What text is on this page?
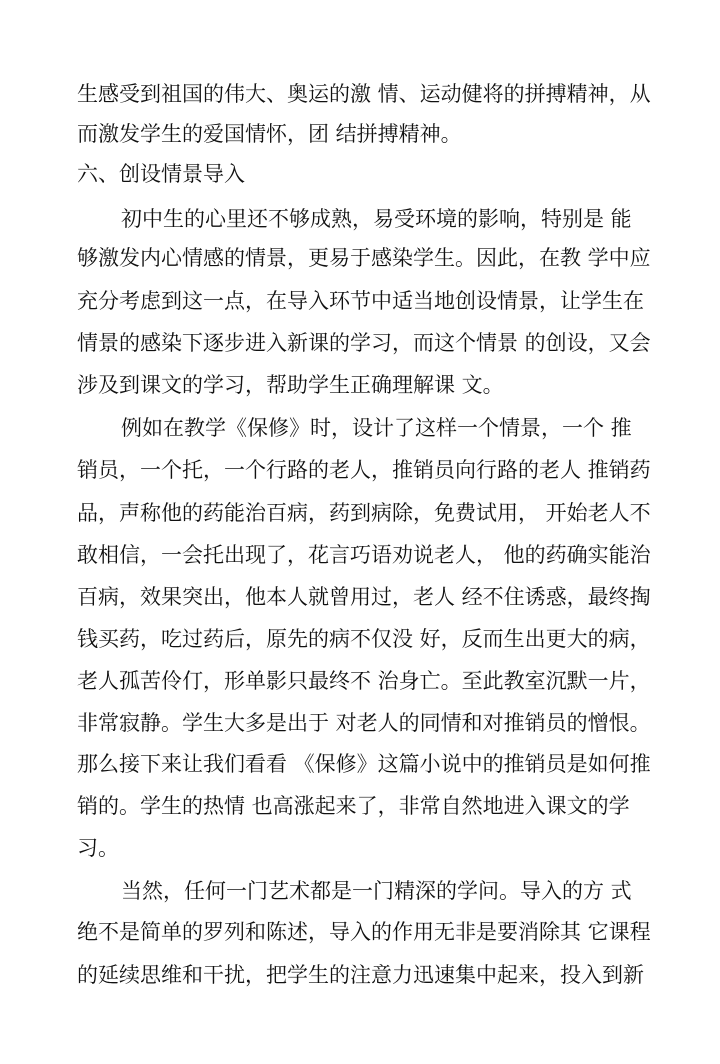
生感受到祖国的伟大、奥运的激 情、运动健将的拼搏精神，从
而激发学生的爱国情怀，团 结拼搏精神。
六、创设情景导入
初中生的心里还不够成熟，易受环境的影响，特别是 能
够激发内心情感的情景，更易于感染学生。因此，在教 学中应
充分考虑到这一点，在导入环节中适当地创设情景，让学生在
情景的感染下逐步进入新课的学习，而这个情景 的创设，又会
涉及到课文的学习，帮助学生正确理解课 文。
例如在教学《保修》时，设计了这样一个情景，一个 推
销员，一个托，一个行路的老人，推销员向行路的老人 推销药
品，声称他的药能治百病，药到病除，免费试用， 开始老人不
敢相信，一会托出现了，花言巧语劝说老人， 他的药确实能治
百病，效果突出，他本人就曾用过，老人 经不住诱惑，最终掏
钱买药，吃过药后，原先的病不仅没 好，反而生出更大的病，
老人孤苦伶仃，形单影只最终不 治身亡。至此教室沉默一片，
非常寂静。学生大多是出于 对老人的同情和对推销员的憎恨。
那么接下来让我们看看 《保修》这篇小说中的推销员是如何推
销的。学生的热情 也高涨起来了，非常自然地进入课文的学
习。
当然，任何一门艺术都是一门精深的学问。导入的方 式
绝不是简单的罗列和陈述，导入的作用无非是要消除其 它课程
的延续思维和干扰，把学生的注意力迅速集中起来，投入到新
